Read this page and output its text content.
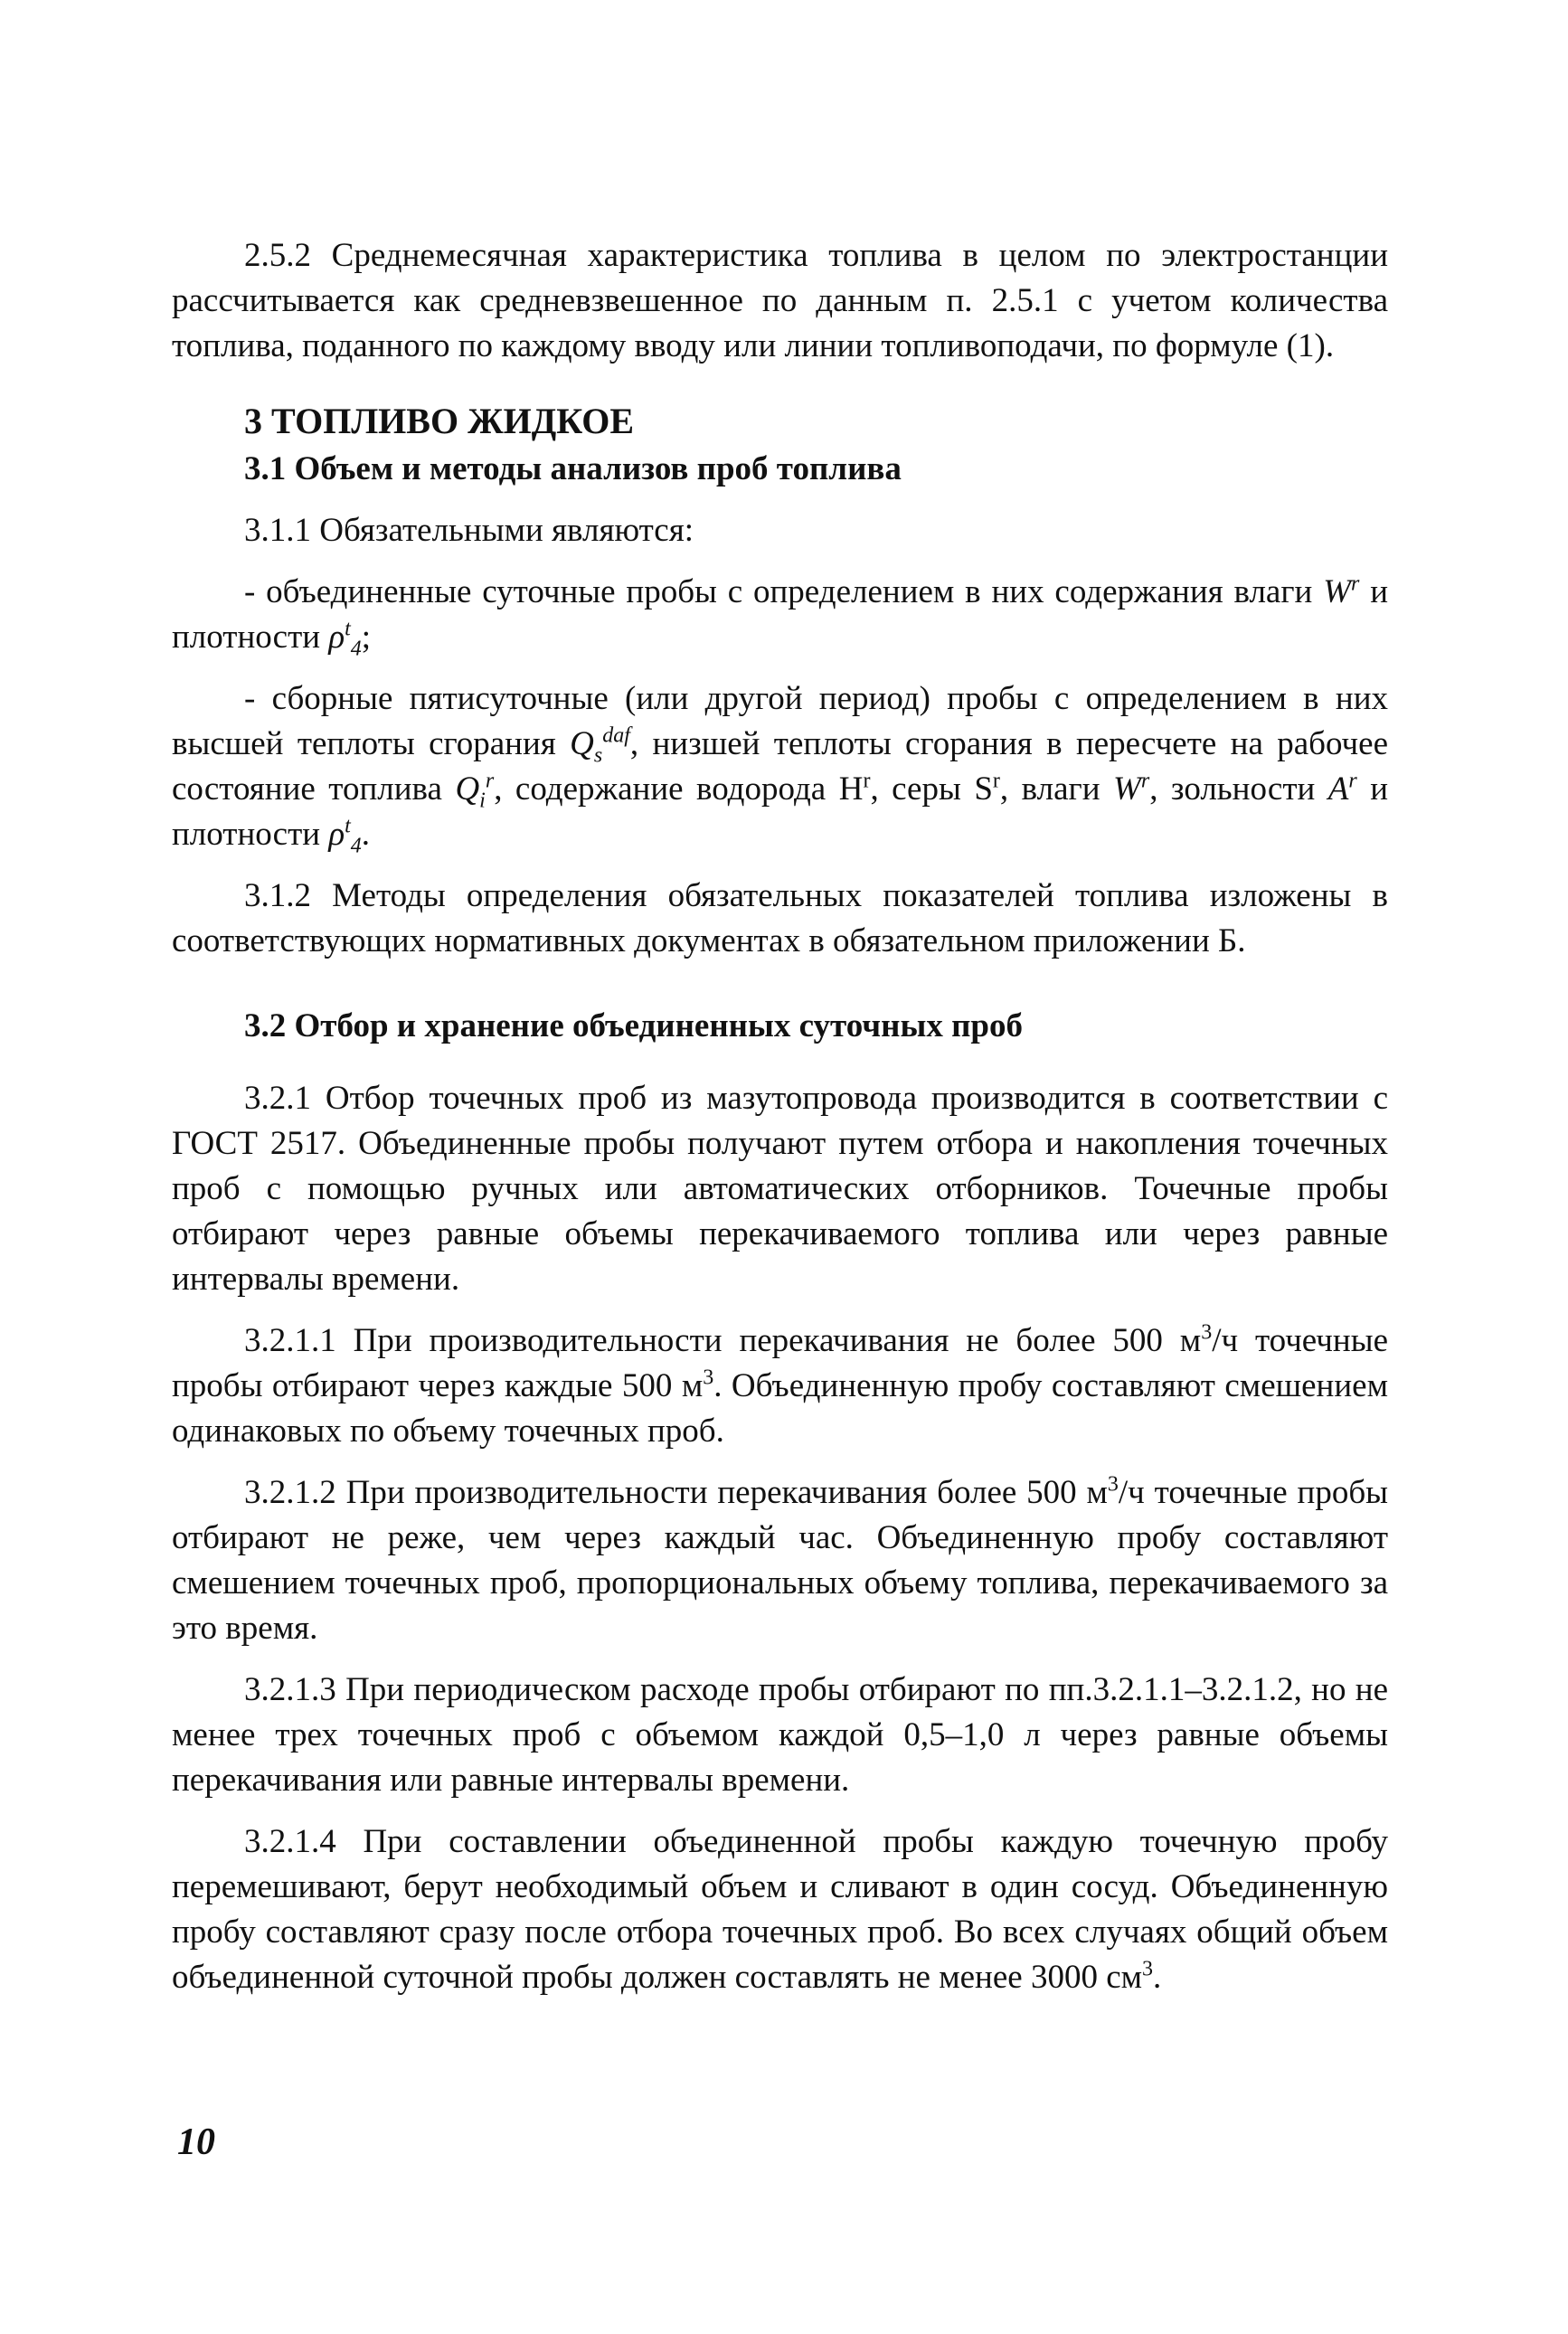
2.5.2 Среднемесячная характеристика топлива в целом по электростанции рассчитывается как средневзвешенное по данным п. 2.5.1 с учетом количества топлива, поданного по каждому вводу или линии топливоподачи, по формуле (1).

3 ТОПЛИВО ЖИДКОЕ
3.1 Объем и методы анализов проб топлива

3.1.1 Обязательными являются:

- объединенные суточные пробы с определением в них содержания влаги $W^r$ и плотности $\rho^t_4$;

- сборные пятисуточные (или другой период) пробы с определением в них высшей теплоты сгорания $Q_s^{daf}$, низшей теплоты сгорания в пересчете на рабочее состояние топлива $Q_i^r$, содержание водорода $H^r$, серы $S^r$, влаги $W^r$, зольности $A^r$ и плотности $\rho^t_4$.

3.1.2 Методы определения обязательных показателей топлива изложены в соответствующих нормативных документах в обязательном приложении Б.

3.2 Отбор и хранение объединенных суточных проб

3.2.1 Отбор точечных проб из мазутопровода производится в соответствии с ГОСТ 2517. Объединенные пробы получают путем отбора и накопления точечных проб с помощью ручных или автоматических отборников. Точечные пробы отбирают через равные объемы перекачиваемого топлива или через равные интервалы времени.

3.2.1.1 При производительности перекачивания не более 500 $м^3/ч$ точечные пробы отбирают через каждые 500 $м^3$. Объединенную пробу составляют смешением одинаковых по объему точечных проб.

3.2.1.2 При производительности перекачивания более 500 $м^3/ч$ точечные пробы отбирают не реже, чем через каждый час. Объединенную пробу составляют смешением точечных проб, пропорциональных объему топлива, перекачиваемого за это время.

3.2.1.3 При периодическом расходе пробы отбирают по пп.3.2.1.1–3.2.1.2, но не менее трех точечных проб с объемом каждой 0,5–1,0 л через равные объемы перекачивания или равные интервалы времени.

3.2.1.4 При составлении объединенной пробы каждую точечную пробу перемешивают, берут необходимый объем и сливают в один сосуд. Объединенную пробу составляют сразу после отбора точечных проб. Во всех случаях общий объем объединенной суточной пробы должен составлять не менее 3000 $см^3$.

10
